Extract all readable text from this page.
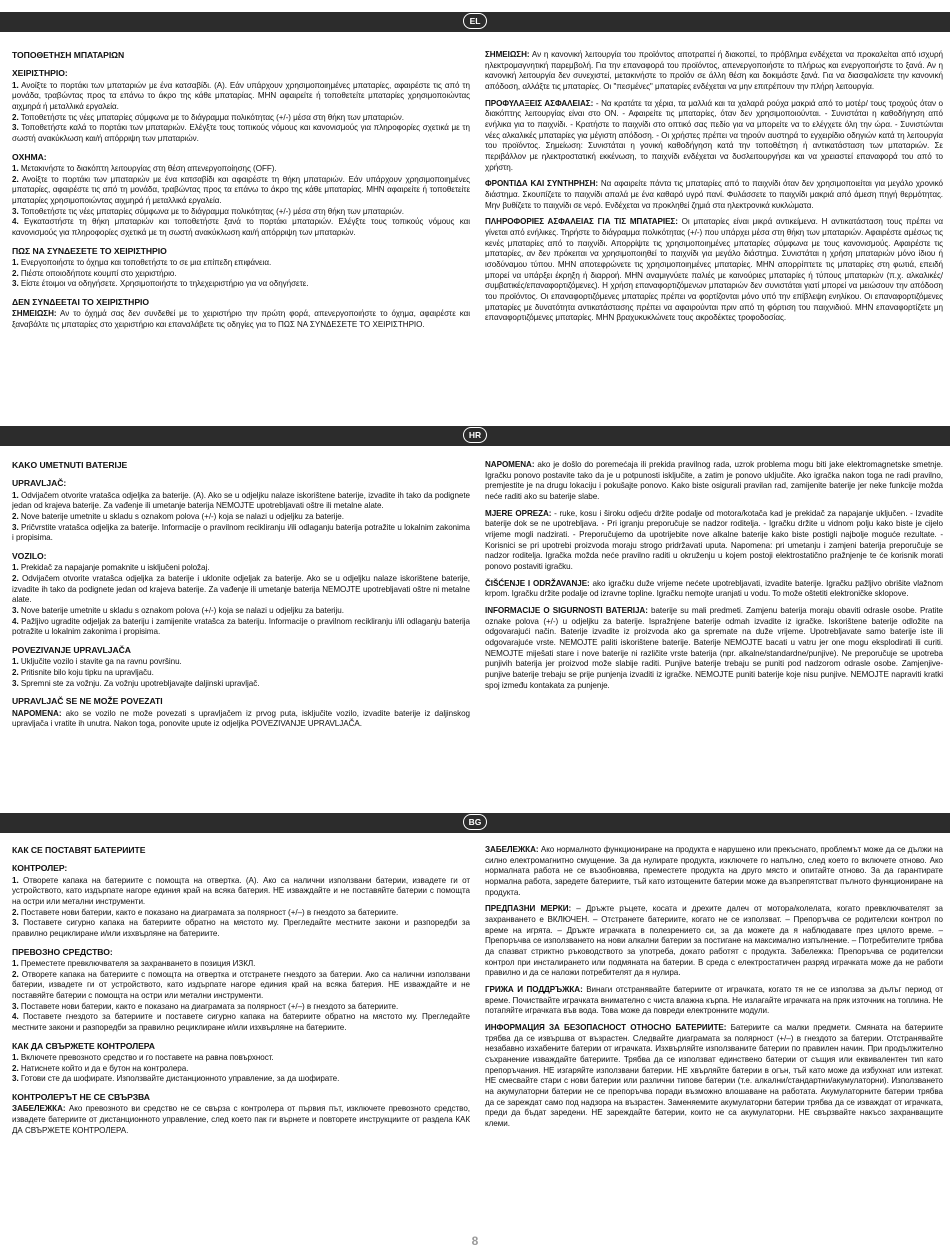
EL
ΤΟΠΟΘΕΤΗΣΗ ΜΠΑΤΑΡΙΩΝ
ΧΕΙΡΙΣΤΗΡΙΟ:
1. Ανοίξτε το πορτάκι των μπαταριών με ένα κατσαβίδι. (A). Εάν υπάρχουν χρησιμοποιημένες μπαταρίες, αφαιρέστε τις από τη μονάδα, τραβώντας προς τα επάνω το άκρο της κάθε μπαταρίας. ΜΗΝ αφαιρείτε ή τοποθετείτε μπαταρίες χρησιμοποιώντας αιχμηρά ή μεταλλικά εργαλεία.
2. Τοποθετήστε τις νέες μπαταρίες σύμφωνα με το διάγραμμα πολικότητας (+/-) μέσα στη θήκη των μπαταριών.
3. Τοποθετήστε καλά το πορτάκι των μπαταριών. Ελέγξτε τους τοπικούς νόμους και κανονισμούς για πληροφορίες σχετικά με τη σωστή ανακύκλωση και/ή απόρριψη των μπαταριών.
ΟΧΗΜΑ:
1. Μετακινήστε το διακόπτη λειτουργίας στη θέση απενεργοποίησης (OFF).
2. Ανοίξτε το πορτάκι των μπαταριών με ένα κατσαβίδι και αφαιρέστε τη θήκη μπαταριών. Εάν υπάρχουν χρησιμοποιημένες μπαταρίες, αφαιρέστε τις από τη μονάδα, τραβώντας προς τα επάνω το άκρο της κάθε μπαταρίας. ΜΗΝ αφαιρείτε ή τοποθετείτε μπαταρίες χρησιμοποιώντας αιχμηρά ή μεταλλικά εργαλεία.
3. Τοποθετήστε τις νέες μπαταρίες σύμφωνα με το διάγραμμα πολικότητας (+/-) μέσα στη θήκη των μπαταριών.
4. Εγκαταστήστε τη θήκη μπαταριών και τοποθετήστε ξανά το πορτάκι μπαταριών. Ελέγξτε τους τοπικούς νόμους και κανονισμούς για πληροφορίες σχετικά με τη σωστή ανακύκλωση και/ή απόρριψη των μπαταριών.
ΠΩΣ ΝΑ ΣΥΝΔΕΣΕΤΕ ΤΟ ΧΕΙΡΙΣΤΗΡΙΟ
1. Ενεργοποιήστε το όχημα και τοποθετήστε το σε μια επίπεδη επιφάνεια.
2. Πιέστε οποιοδήποτε κουμπί στο χειριστήριο.
3. Είστε έτοιμοι να οδηγήσετε. Χρησιμοποιήστε το τηλεχειριστήριο για να οδηγήσετε.
ΔΕΝ ΣΥΝΔΕΕΤΑΙ ΤΟ ΧΕΙΡΙΣΤΗΡΙΟ
ΣΗΜΕΙΩΣΗ: Αν το όχημά σας δεν συνδεθεί με το χειριστήριο την πρώτη φορά, απενεργοποιήστε το όχημα, αφαιρέστε και ξαναβάλτε τις μπαταρίες στο χειριστήριο και επαναλάβετε τις οδηγίες για το ΠΩΣ ΝΑ ΣΥΝΔΕΣΕΤΕ ΤΟ ΧΕΙΡΙΣΤΗΡΙΟ.

ΣΗΜΕΙΩΣΗ: Αν η κανονική λειτουργία του προϊόντος αποτραπεί ή διακοπεί, το πρόβλημα ενδέχεται να προκαλείται από ισχυρή ηλεκτρομαγνητική παρεμβολή. Για την επαναφορά του προϊόντος, απενεργοποιήστε το πλήρως και ενεργοποιήστε το ξανά. Αν η κανονική λειτουργία δεν συνεχιστεί, μετακινήστε το προϊόν σε άλλη θέση και δοκιμάστε ξανά. Για να διασφαλίσετε την κανονική απόδοση, αλλάξτε τις μπαταρίες. Οι "πεσμένες" μπαταρίες ενδέχεται να μην επιτρέπουν την πλήρη λειτουργία.

ΠΡΟΦΥΛΑΞΕΙΣ ΑΣΦΑΛΕΙΑΣ: - Να κρατάτε τα χέρια, τα μαλλιά και τα χαλαρά ρούχα μακριά από το μοτέρ/ τους τροχούς όταν ο διακόπτης λειτουργίας είναι στο ΟΝ. - Αφαιρείτε τις μπαταρίες, όταν δεν χρησιμοποιούνται. - Συνιστάται η καθοδήγηση από ενήλικα για το παιχνίδι. - Κρατήστε το παιχνίδι στο οπτικό σας πεδίο για να μπορείτε να το ελέγχετε όλη την ώρα. - Συνιστώνται νέες αλκαλικές μπαταρίες για μέγιστη απόδοση. - Οι χρήστες πρέπει να τηρούν αυστηρά το εγχειρίδιο οδηγιών κατά τη λειτουργία του προϊόντος. Σημείωση: Συνιστάται η γονική καθοδήγηση κατά την τοποθέτηση ή αντικατάσταση των μπαταριών. Σε περιβάλλον με ηλεκτροστατική εκκένωση, το παιχνίδι ενδέχεται να δυσλειτουργήσει και να χρειαστεί επαναφορά του από το χρήστη.

ΦΡΟΝΤΙΔΑ ΚΑΙ ΣΥΝΤΗΡΗΣΗ: Να αφαιρείτε πάντα τις μπαταρίες από το παιχνίδι όταν δεν χρησιμοποιείται για μεγάλο χρονικό διάστημα. Σκουπίζετε το παιχνίδι απαλά με ένα καθαρό υγρό πανί. Φυλάσσετε το παιχνίδι μακριά από άμεση πηγή θερμότητας. Μην βυθίζετε το παιχνίδι σε νερό. Ενδέχεται να προκληθεί ζημιά στα ηλεκτρονικά κυκλώματα.

ΠΛΗΡΟΦΟΡΙΕΣ ΑΣΦΑΛΕΙΑΣ ΓΙΑ ΤΙΣ ΜΠΑΤΑΡΙΕΣ: Οι μπαταρίες είναι μικρά αντικείμενα. Η αντικατάσταση τους πρέπει να γίνεται από ενήλικες. Τηρήστε το διάγραμμα πολικότητας (+/-) που υπάρχει μέσα στη θήκη των μπαταριών. Αφαιρέστε αμέσως τις κενές μπαταρίες από το παιχνίδι. Απορρίψτε τις χρησιμοποιημένες μπαταρίες σύμφωνα με τους κανονισμούς. Αφαιρέστε τις μπαταρίες, αν δεν πρόκειται να χρησιμοποιηθεί το παιχνίδι για μεγάλο διάστημα. Συνιστάται η χρήση μπαταριών μόνο ίδιου ή ισοδύναμου τύπου. ΜΗΝ αποτεφρώνετε τις χρησιμοποιημένες μπαταρίες. ΜΗΝ απορρίπτετε τις μπαταρίες στη φωτιά, επειδή μπορεί να υπάρξει έκρηξη ή διαρροή. ΜΗΝ αναμιγνύετε παλιές με καινούριες μπαταρίες ή τύπους μπαταριών (π.χ. αλκαλικές/συμβατικές/επαναφορτιζόμενες). Η χρήση επαναφορτιζόμενων μπαταριών δεν συνιστάται γιατί μπορεί να μειώσουν την απόδοση του προϊόντος. Οι επαναφορτιζόμενες μπαταρίες πρέπει να φορτίζονται μόνο υπό την επίβλεψη ενηλίκου. Οι επαναφορτιζόμενες μπαταρίες με δυνατότητα αντικατάστασης πρέπει να αφαιρούνται πριν από τη φόρτιση του παιχνιδιού. ΜΗΝ επαναφορτίζετε μη επαναφορτιζόμενες μπαταρίες. ΜΗΝ βραχυκυκλώνετε τους ακροδέκτες τροφοδοσίας.

HR
KAKO UMETNUTI BATERIJE
UPRAVLJAČ:
1. Odvijačem otvorite vratašca odjeljka za baterije. (A). Ako se u odjeljku nalaze iskorištene baterije, izvadite ih tako da podignete jedan od krajeva baterije. Za vađenje ili umetanje baterija NEMOJTE upotrebljavati oštre ili metalne alate.
2. Nove baterije umetnite u skladu s oznakom polova (+/-) koja se nalazi u odjeljku za baterije.
3. Pričvrstite vratašca odjeljka za baterije. Informacije o pravilnom recikliranju i/ili odlaganju baterija potražite u lokalnim zakonima i propisima.
VOZILO:
1. Prekidač za napajanje pomaknite u isključeni položaj.
2. Odvijačem otvorite vratašca odjeljka za baterije i uklonite odjeljak za baterije. Ako se u odjeljku nalaze iskorištene baterije, izvadite ih tako da podignete jedan od krajeva baterije. Za vađenje ili umetanje baterija NEMOJTE upotrebljavati oštre ni metalne alate.
3. Nove baterije umetnite u skladu s oznakom polova (+/-) koja se nalazi u odjeljku za bateriju.
4. Pažljivo ugradite odjeljak za bateriju i zamijenite vratašca za bateriju. Informacije o pravilnom recikliranju i/ili odlaganju baterija potražite u lokalnim zakonima i propisima.
POVEZIVANJE UPRAVLJAČA
1. Uključite vozilo i stavite ga na ravnu površinu.
2. Pritisnite bilo koju tipku na upravljaču.
3. Spremni ste za vožnju. Za vožnju upotrebljavajte daljinski upravljač.
UPRAVLJAČ SE NE MOŽE POVEZATI
NAPOMENA: ako se vozilo ne može povezati s upravljačem iz prvog puta, isključite vozilo, izvadite baterije iz daljinskog upravljača i vratite ih unutra. Nakon toga, ponovite upute iz odjeljka POVEZIVANJE UPRAVLJAČA.

NAPOMENA: ako je došlo do poremećaja ili prekida pravilnog rada, uzrok problema mogu biti jake elektromagnetske smetnje. Igračku ponovo postavite tako da je u potpunosti isključite, a zatim je ponovo uključite. Ako igračka nakon toga ne radi pravilno, premjestite je na drugu lokaciju i pokušajte ponovo. Kako biste osigurali pravilan rad, zamijenite baterije jer neke funkcije možda neće raditi ako su baterije slabe.

MJERE OPREZA: - ruke, kosu i široku odjeću držite podalje od motora/kotača kad je prekidač za napajanje uključen. - Izvadite baterije dok se ne upotrebljava. - Pri igranju preporučuje se nadzor roditelja. - Igračku držite u vidnom polju kako biste je cijelo vrijeme mogli nadzirati. - Preporučujemo da upotrijebite nove alkalne baterije kako biste postigli najbolje moguće rezultate. - Korisnici se pri upotrebi proizvoda moraju strogo pridržavati uputa. Napomena: pri umetanju i zamjeni baterija preporučuje se nadzor roditelja. Igračka možda neće pravilno raditi u okruženju u kojem postoji elektrostatično pražnjenje te će korisnik morati ponovo postaviti igračku.

ČIŠĆENJE I ODRŽAVANJE: ako igračku duže vrijeme nećete upotrebljavati, izvadite baterije. Igračku pažljivo obrišite vlažnom krpom. Igračku držite podalje od izravne topline. Igračku nemojte uranjati u vodu. To može oštetiti elektroničke sklopove.

INFORMACIJE O SIGURNOSTI BATERIJA: baterije su mali predmeti. Zamjenu baterija moraju obaviti odrasle osobe. Pratite oznake polova (+/-) u odjeljku za baterije. Ispražnjene baterije odmah izvadite iz igračke. Iskorištene baterije odložite na odgovarajući način. Baterije izvadite iz proizvoda ako ga spremate na duže vrijeme. Upotrebljavate samo baterije iste ili odgovarajuće vrste. NEMOJTE paliti iskorištene baterije. Baterije NEMOJTE bacati u vatru jer one mogu eksplodirati ili curiti. NEMOJTE miješati stare i nove baterije ni različite vrste baterija (npr. alkalne/standardne/punjive). Ne preporučuje se upotreba punjivih baterija jer proizvod može slabije raditi. Punjive baterije trebaju se puniti pod nadzorom odrasle osobe. Zamjenjive-punjive baterije trebaju se prije punjenja izvaditi iz igračke. NEMOJTE puniti baterije koje nisu punjive. NEMOJTE napraviti kratki spoj između kontakata za punjenje.

BG
КАК СЕ ПОСТАВЯТ БАТЕРИИТЕ
КОНТРОЛЕР:
1. Отворете капака на батериите с помощта на отвертка. (А). Ако са налични използвани батерии, извадете ги от устройството, като издърпате нагоре единия край на всяка батерия. НЕ изваждайте и не поставяйте батерии с помощта на остри или метални инструменти.
2. Поставете нови батерии, както е показано на диаграмата за полярност (+/–) в гнездото за батериите.
3. Поставете сигурно капака на батериите обратно на мястото му. Прегледайте местните закони и разпоредби за правилно рециклиране и/или изхвърляне на батериите.
ПРЕВОЗНО СРЕДСТВО:
1. Преместете превключвателя за захранването в позиция ИЗКЛ.
2. Отворете капака на батериите с помощта на отвертка и отстранете гнездото за батерии. Ако са налични използвани батерии, извадете ги от устройството, като издърпате нагоре единия край на всяка батерия. НЕ изваждайте и не поставяйте батерии с помощта на остри или метални инструменти.
3. Поставете нови батерии, както е показано на диаграмата за полярност (+/–) в гнездото за батериите.
4. Поставете гнездото за батериите и поставете сигурно капака на батериите обратно на мястото му. Прегледайте местните закони и разпоредби за правилно рециклиране и/или изхвърляне на батериите.
КАК ДА СВЪРЖЕТЕ КОНТРОЛЕРА
1. Включете превозното средство и го поставете на равна повърхност.
2. Натиснете който и да е бутон на контролера.
3. Готови сте да шофирате. Използвайте дистанционното управление, за да шофирате.
КОНТРОЛЕРЪТ НЕ СЕ СВЪРЗВА
ЗАБЕЛЕЖКА: Ако превозното ви средство не се свърза с контролера от първия път, изключете превозното средство, извадете батериите от дистанционното управление, след което пак ги върнете и повторете инструкциите от раздела КАК ДА СВЪРЖЕТЕ КОНТРОЛЕРА.

ЗАБЕЛЕЖКА: Ако нормалното функциониране на продукта е нарушено или прекъснато, проблемът може да се дължи на силно електромагнитно смущение. За да нулирате продукта, изключете го напълно, след което го включете отново. Ако нормалната работа не се възобновява, преместете продукта на друго място и опитайте отново. За да гарантирате нормална работа, заредете батериите, тъй като изтощените батерии може да възпрепятстват пълното функциониране на продукта.

ПРЕДПАЗНИ МЕРКИ: – Дръжте ръцете, косата и дрехите далеч от мотора/колелата, когато превключвателят за захранването е ВКЛЮЧЕН. – Отстранете батериите, когато не се използват. – Препоръчва се родителски контрол по време на игрята. – Дръжте играчката в полезрението си, за да можете да я наблюдавате през цялото време. – Препоръчва се използването на нови алкални батерии за постигане на максимално изпълнение. – Потребителите трябва да спазват стриктно ръководството за употреба, докато работят с продукта. Забележка: Препоръчва се родителски контрол при инсталирането или подмяната на батерии. В среда с електростатичен разряд играчката може да не работи правилно и да се наложи потребителят да я нулира.

ГРИЖА И ПОДДРЪЖКА: Винаги отстранявайте батериите от играчката, когато тя не се използва за дълъг период от време. Почиствайте играчката внимателно с чиста влажна кърпа. Не излагайте играчката на пряк източник на топлина. Не потапяйте играчката във вода. Това може да повреди електронните модули.

ИНФОРМАЦИЯ ЗА БЕЗОПАСНОСТ ОТНОСНО БАТЕРИИТЕ: Батериите са малки предмети. Смяната на батериите трябва да се извършва от възрастен. Следвайте диаграмата за полярност (+/–) в гнездото за батерии. Отстранявайте незабавно изхабените батерии от играчката. Изхвърляйте използваните батерии по правилен начин. При продължително съхранение изваждайте батериите. Трябва да се използват единствено батерии от същия или еквивалентен тип като препоръчания. НЕ изгаряйте използвани батерии. НЕ хвърляйте батерии в огън, тъй като може да избухнат или изтекат. НЕ смесвайте стари с нови батерии или различни типове батерии (т.е. алкални/стандартни/акумулаторни). Използването на акумулаторни батерии не се препоръчва поради възможно влошаване на работата. Акумулаторните батерии трябва да се зареждат само под надзора на възрастен. Заменяемите акумулаторни батерии трябва да се изваждат от играчката, преди да бъдат заредени. НЕ зареждайте батерии, които не са акумулаторни. НЕ свързвайте накъсо захранващите клеми.

8
